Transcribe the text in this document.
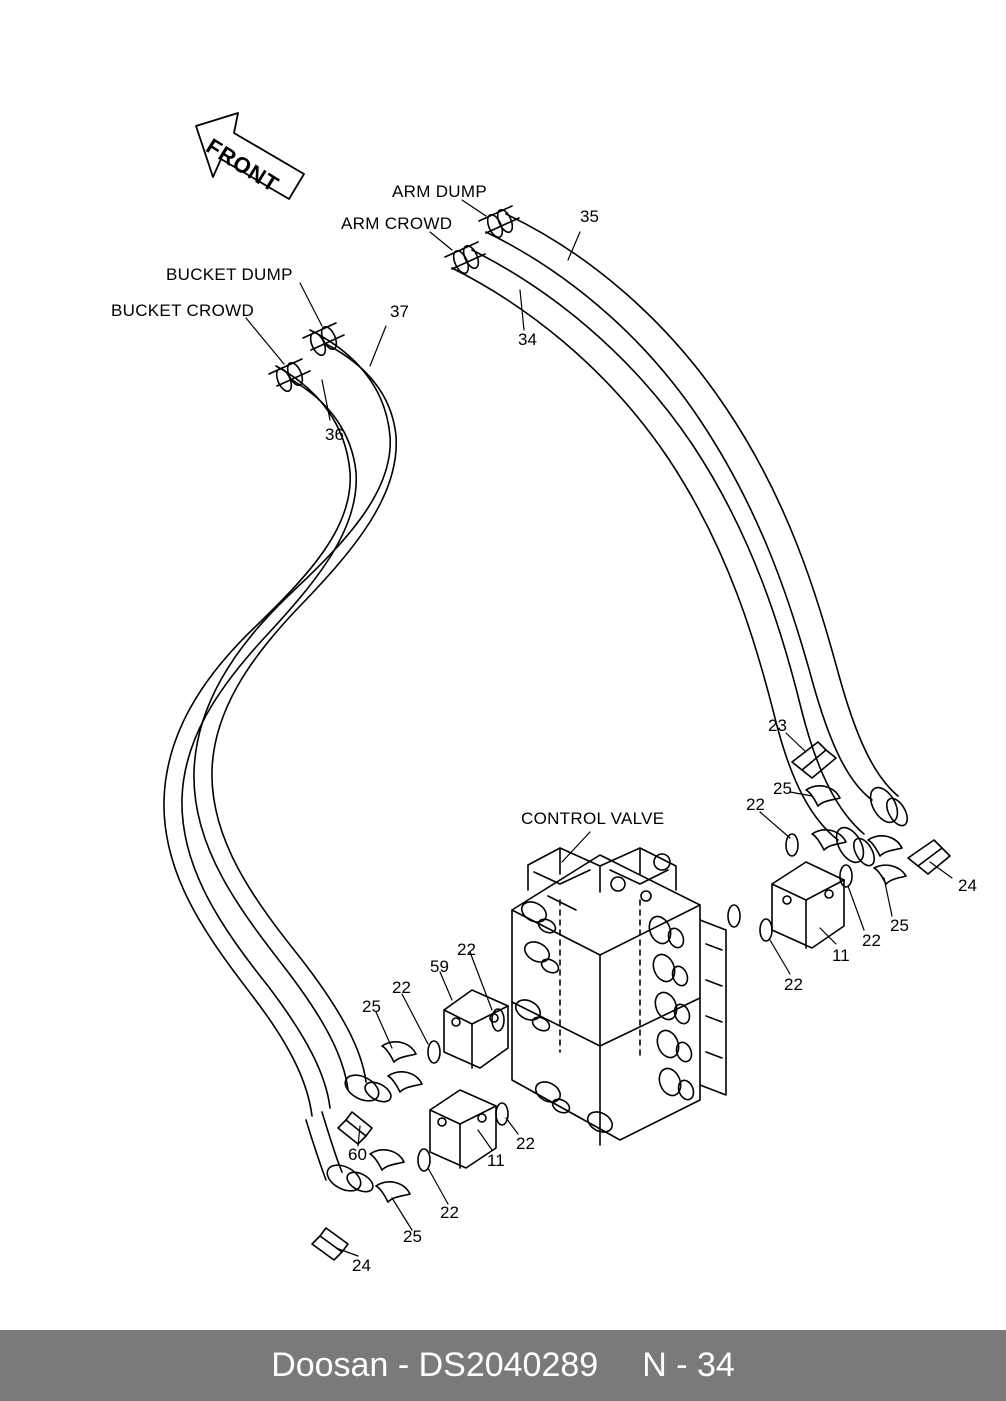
ARM DUMP
ARM CROWD
BUCKET DUMP
BUCKET CROWD
CONTROL VALVE
FRONT
35
34
37
36
23
25
22
24
22
25
11
22
22
59
22
25
60	11
22
22
25
24
Doosan - DS2040289 N - 34
